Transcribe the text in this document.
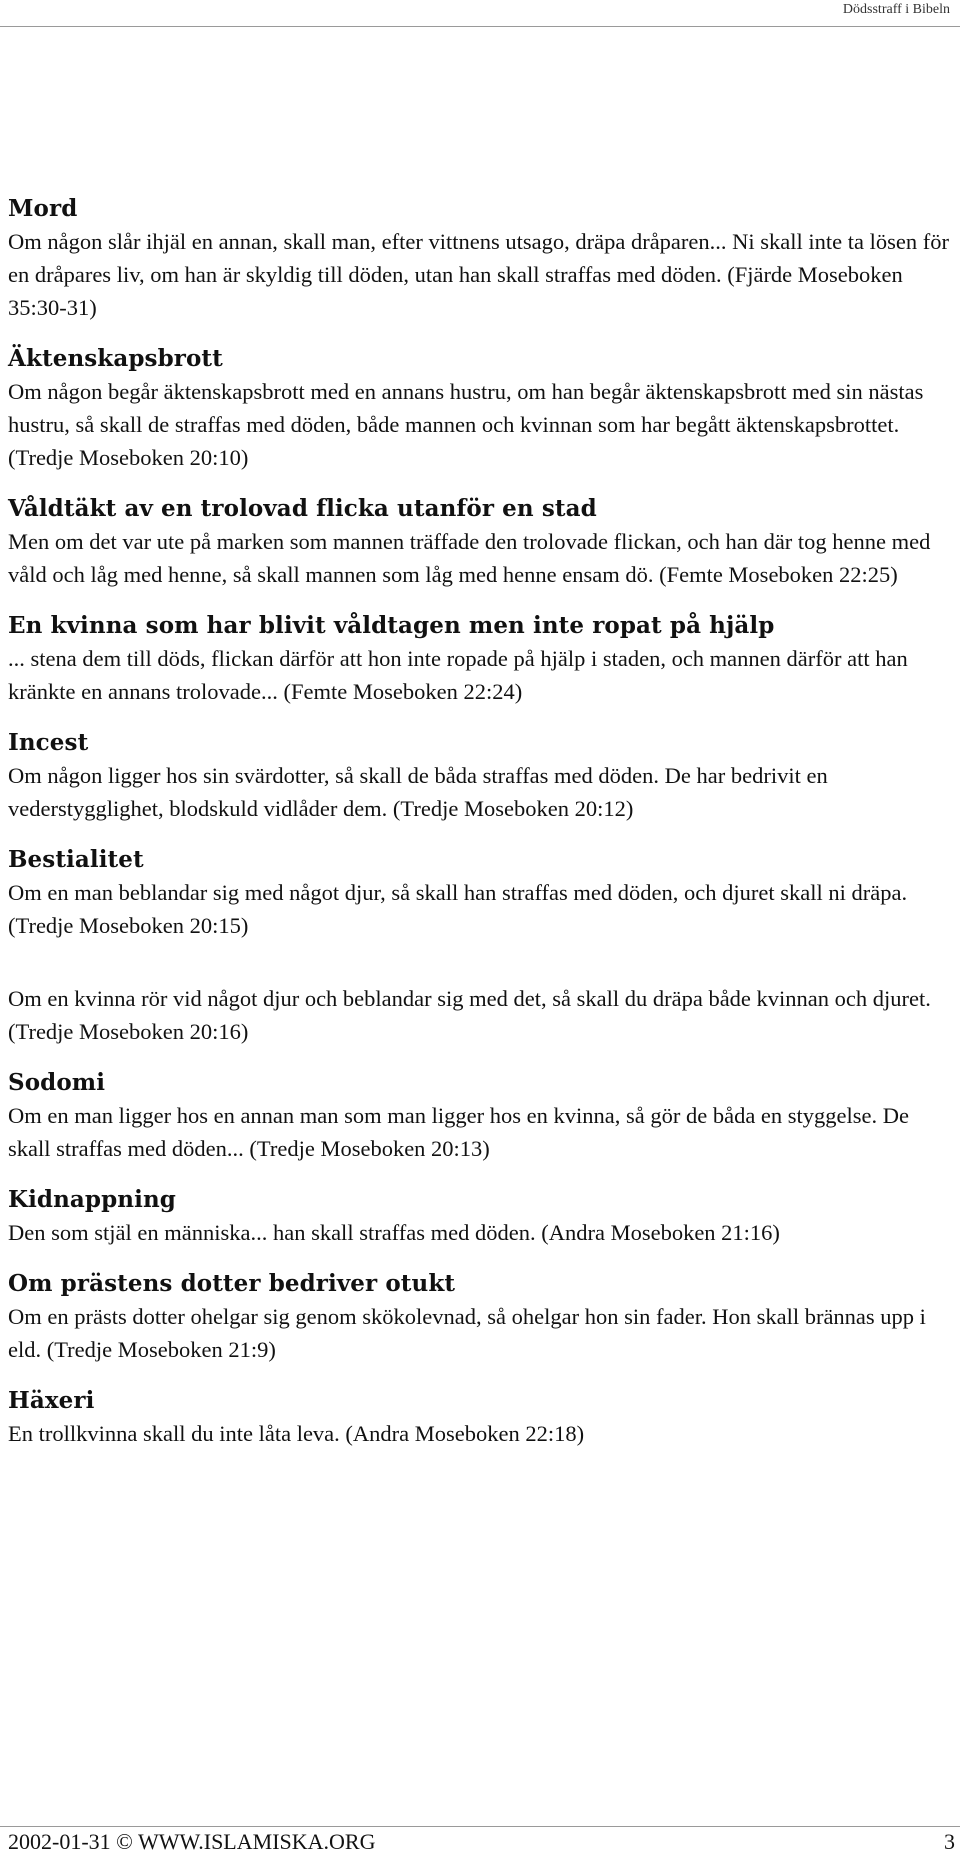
Dödsstraff i Bibeln
Mord

Om någon slår ihjäl en annan, skall man, efter vittnens utsago, dräpa dråparen... Ni skall inte ta lösen för en dråpares liv, om han är skyldig till döden, utan han skall straffas med döden. (Fjärde Moseboken 35:30-31)

Äktenskapsbrott

Om någon begår äktenskapsbrott med en annans hustru, om han begår äktenskapsbrott med sin nästas hustru, så skall de straffas med döden, både mannen och kvinnan som har begått äktenskapsbrottet. (Tredje Moseboken 20:10)

Våldtäkt av en trolovad flicka utanför en stad

Men om det var ute på marken som mannen träffade den trolovade flickan, och han där tog henne med våld och låg med henne, så skall mannen som låg med henne ensam dö. (Femte Moseboken 22:25)

En kvinna som har blivit våldtagen men inte ropat på hjälp

... stena dem till döds, flickan därför att hon inte ropade på hjälp i staden, och mannen därför att han kränkte en annans trolovade... (Femte Moseboken 22:24)

Incest

Om någon ligger hos sin svärdotter, så skall de båda straffas med döden. De har bedrivit en vederstygglighet, blodskuld vidlåder dem. (Tredje Moseboken 20:12)

Bestialitet

Om en man beblandar sig med något djur, så skall han straffas med döden, och djuret skall ni dräpa. (Tredje Moseboken 20:15)

Om en kvinna rör vid något djur och beblandar sig med det, så skall du dräpa både kvinnan och djuret. (Tredje Moseboken 20:16)

Sodomi

Om en man ligger hos en annan man som man ligger hos en kvinna, så gör de båda en styggelse. De skall straffas med döden... (Tredje Moseboken 20:13)

Kidnappning

Den som stjäl en människa... han skall straffas med döden. (Andra Moseboken 21:16)

Om prästens dotter bedriver otukt

Om en prästs dotter ohelgar sig genom skökolevnad, så ohelgar hon sin fader. Hon skall brännas upp i eld. (Tredje Moseboken 21:9)

Häxeri

En trollkvinna skall du inte låta leva. (Andra Moseboken 22:18)

2002-01-31 © WWW.ISLAMISKA.ORG	3
